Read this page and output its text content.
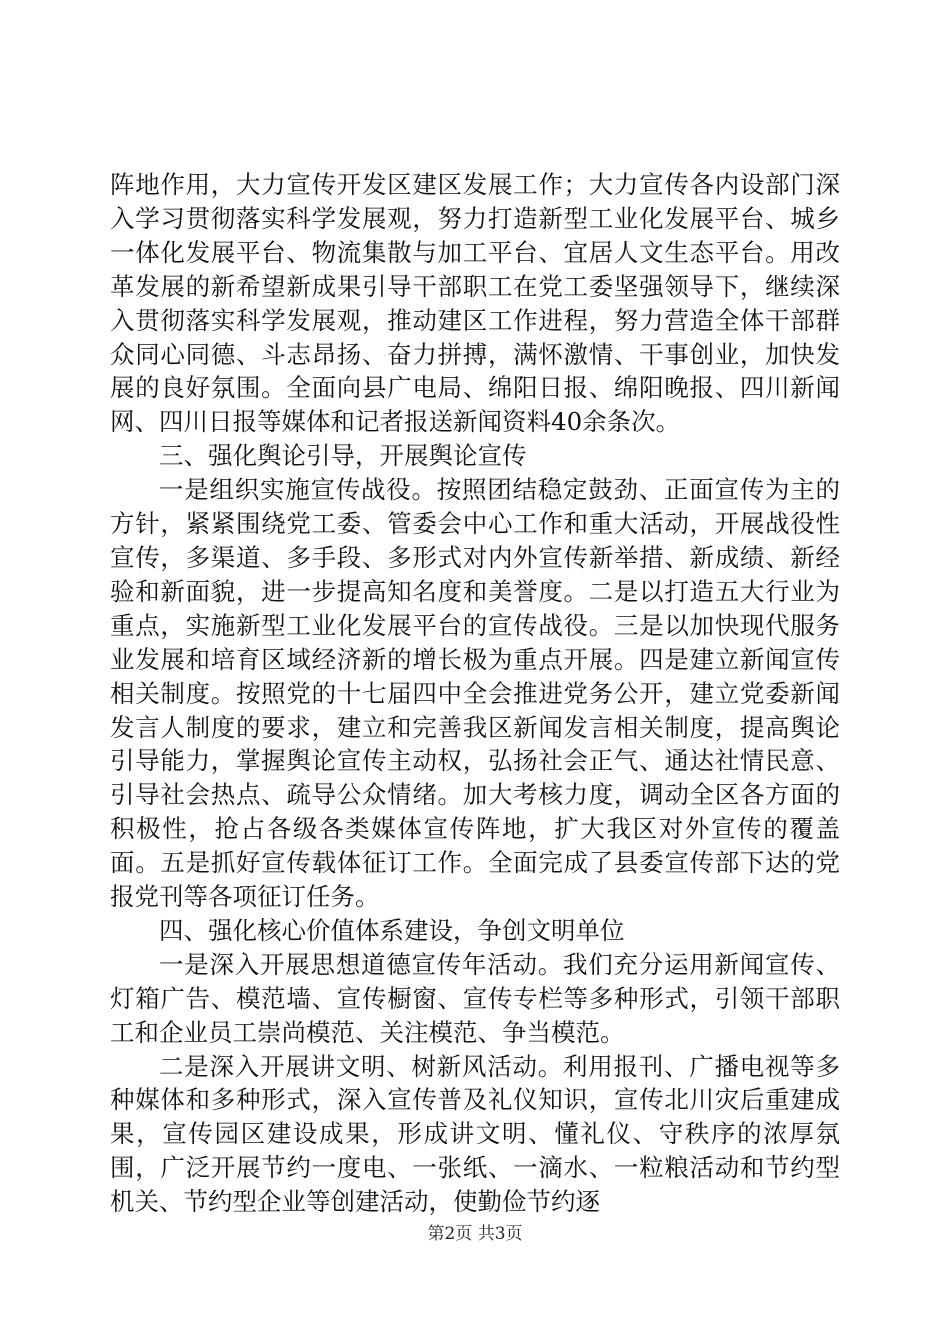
阵地作用，大力宣传开发区建区发展工作；大力宣传各内设部门深入学习贯彻落实科学发展观，努力打造新型工业化发展平台、城乡一体化发展平台、物流集散与加工平台、宜居人文生态平台。用改革发展的新希望新成果引导干部职工在党工委坚强领导下，继续深入贯彻落实科学发展观，推动建区工作进程，努力营造全体干部群众同心同德、斗志昂扬、奋力拼搏，满怀激情、干事创业，加快发展的良好氛围。全面向县广电局、绵阳日报、绵阳晚报、四川新闻网、四川日报等媒体和记者报送新闻资料40余条次。

三、强化舆论引导，开展舆论宣传

一是组织实施宣传战役。按照团结稳定鼓劲、正面宣传为主的方针，紧紧围绕党工委、管委会中心工作和重大活动，开展战役性宣传，多渠道、多手段、多形式对内外宣传新举措、新成绩、新经验和新面貌，进一步提高知名度和美誉度。二是以打造五大行业为重点，实施新型工业化发展平台的宣传战役。三是以加快现代服务业发展和培育区域经济新的增长极为重点开展。四是建立新闻宣传相关制度。按照党的十七届四中全会推进党务公开，建立党委新闻发言人制度的要求，建立和完善我区新闻发言相关制度，提高舆论引导能力，掌握舆论宣传主动权，弘扬社会正气、通达社情民意、引导社会热点、疏导公众情绪。加大考核力度，调动全区各方面的积极性，抢占各级各类媒体宣传阵地，扩大我区对外宣传的覆盖面。五是抓好宣传载体征订工作。全面完成了县委宣传部下达的党报党刊等各项征订任务。

四、强化核心价值体系建设，争创文明单位

一是深入开展思想道德宣传年活动。我们充分运用新闻宣传、灯箱广告、模范墙、宣传橱窗、宣传专栏等多种形式，引领干部职工和企业员工崇尚模范、关注模范、争当模范。

二是深入开展讲文明、树新风活动。利用报刊、广播电视等多种媒体和多种形式，深入宣传普及礼仪知识，宣传北川灾后重建成果，宣传园区建设成果，形成讲文明、懂礼仪、守秩序的浓厚氛围，广泛开展节约一度电、一张纸、一滴水、一粒粮活动和节约型机关、节约型企业等创建活动，使勤俭节约逐

第2页 共3页
